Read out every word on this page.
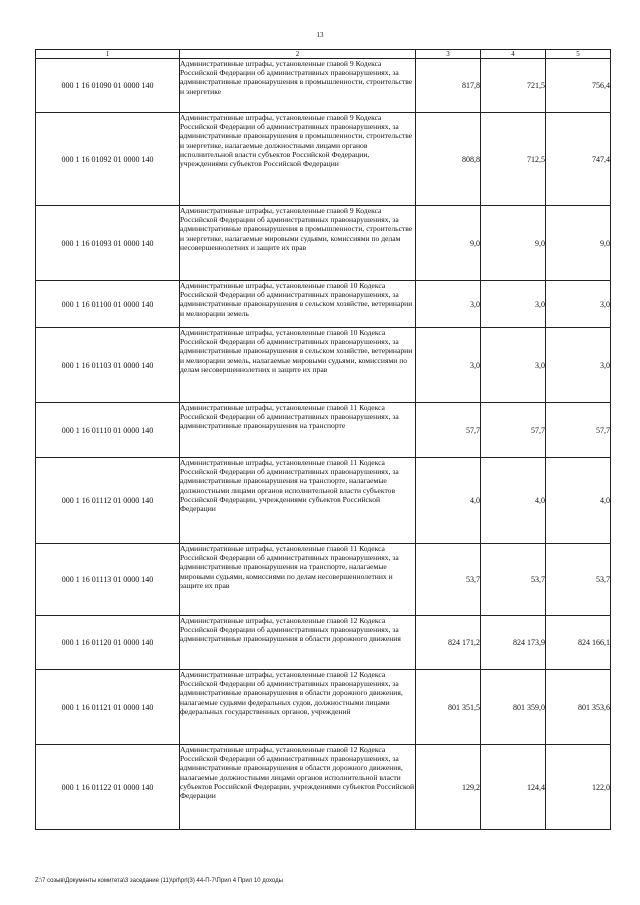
13
1	2	3	4	5
000 1 16 01090 01 0000 140	Административные штрафы, установленные главой 9 Кодекса Российской Федерации об административных правонарушениях, за административные правонарушения в промышленности, строительстве и энергетике	817,8	721,5	756,4
000 1 16 01092 01 0000 140	Административные штрафы, установленные главой 9 Кодекса Российской Федерации об административных правонарушениях, за административные правонарушения в промышленности, строительстве и энергетике, налагаемые должностными лицами органов исполнительной власти субъектов Российской Федерации, учреждениями субъектов Российской Федерации	808,8	712,5	747,4
000 1 16 01093 01 0000 140	Административные штрафы, установленные главой 9 Кодекса Российской Федерации об административных правонарушениях, за административные правонарушения в промышленности, строительстве и энергетике, налагаемые мировыми судьями, комиссиями по делам несовершеннолетних и защите их прав	9,0	9,0	9,0
000 1 16 01100 01 0000 140	Административные штрафы, установленные главой 10 Кодекса Российской Федерации об административных правонарушениях, за административные правонарушения в сельском хозяйстве, ветеринарии и мелиорации земель	3,0	3,0	3,0
000 1 16 01103 01 0000 140	Административные штрафы, установленные главой 10 Кодекса Российской Федерации об административных правонарушениях, за административные правонарушения в сельском хозяйстве, ветеринарии и мелиорации земель, налагаемые мировыми судьями, комиссиями по делам несовершеннолетних и защите их прав	3,0	3,0	3,0
000 1 16 01110 01 0000 140	Административные штрафы, установленные главой 11 Кодекса Российской Федерации об административных правонарушениях, за административные правонарушения на транспорте	57,7	57,7	57,7
000 1 16 01112 01 0000 140	Административные штрафы, установленные главой 11 Кодекса Российской Федерации об административных правонарушениях, за административные правонарушения на транспорте, налагаемые должностными лицами органов исполнительной власти субъектов Российской Федерации, учреждениями субъектов Российской Федерации	4,0	4,0	4,0
000 1 16 01113 01 0000 140	Административные штрафы, установленные главой 11 Кодекса Российской Федерации об административных правонарушениях, за административные правонарушения на транспорте, налагаемые мировыми судьями, комиссиями по делам несовершеннолетних и защите их прав	53,7	53,7	53,7
000 1 16 01120 01 0000 140	Административные штрафы, установленные главой 12 Кодекса Российской Федерации об административных правонарушениях, за административные правонарушения в области дорожного движения	824 171,2	824 173,9	824 166,1
000 1 16 01121 01 0000 140	Административные штрафы, установленные главой 12 Кодекса Российской Федерации об административных правонарушениях, за административные правонарушения в области дорожного движения, налагаемые судьями федеральных судов, должностными лицами федеральных государственных органов, учреждений	801 351,5	801 359,0	801 353,6
000 1 16 01122 01 0000 140	Административные штрафы, установленные главой 12 Кодекса Российской Федерации об административных правонарушениях, за административные правонарушения в области дорожного движения, налагаемые должностными лицами органов исполнительной власти субъектов Российской Федерации, учреждениями субъектов Российской Федерации	129,2	124,4	122,0
Z:\7 созыв\Документы комитета\3 заседание (11)\prl\prl(3) 44-П-7\Прил 4 Прил 10 доходы
